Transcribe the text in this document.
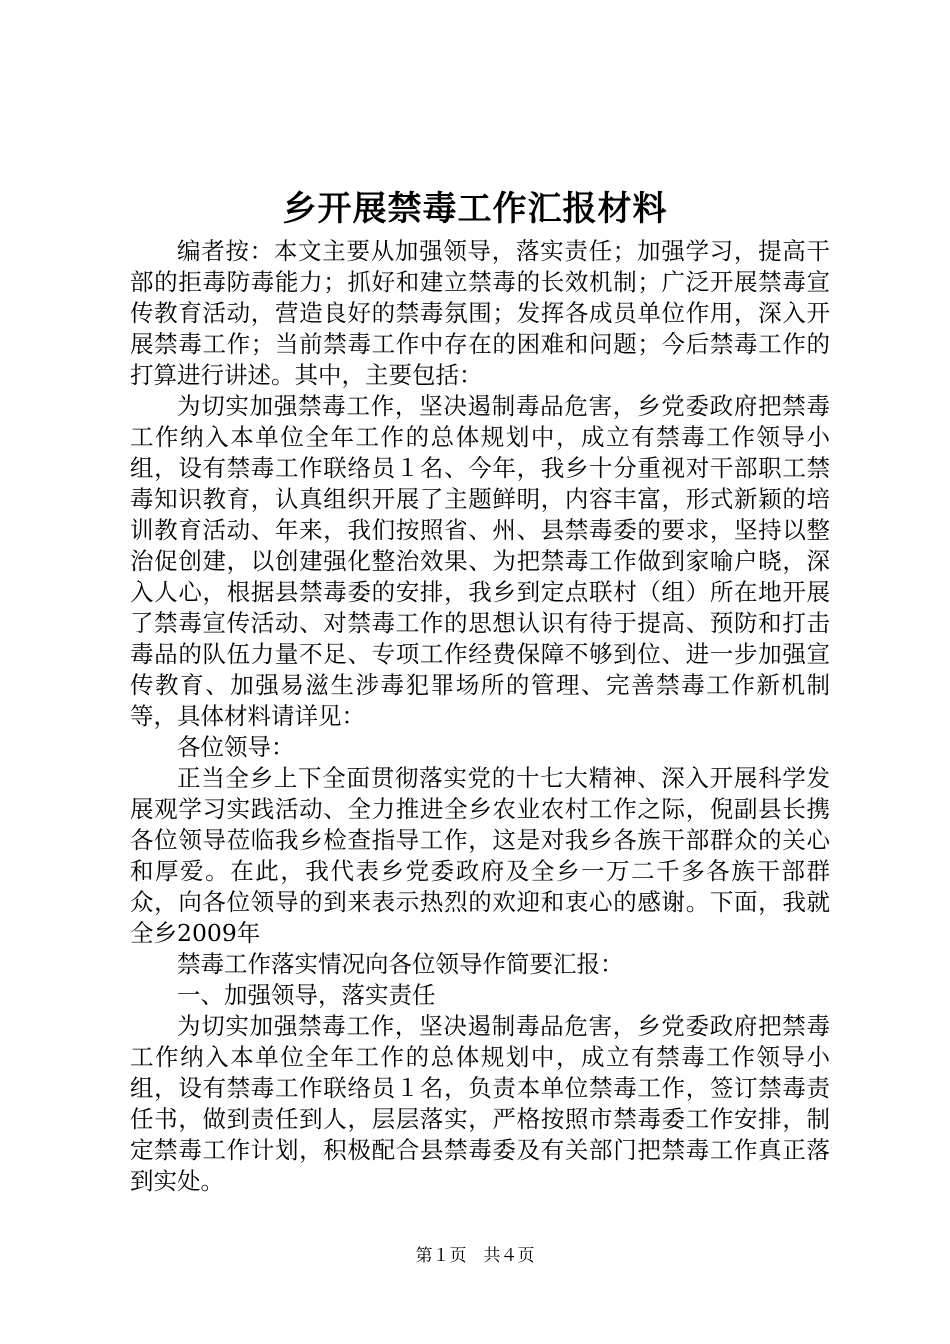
乡开展禁毒工作汇报材料

编者按：本文主要从加强领导，落实责任；加强学习，提高干部的拒毒防毒能力；抓好和建立禁毒的长效机制；广泛开展禁毒宣传教育活动，营造良好的禁毒氛围；发挥各成员单位作用，深入开展禁毒工作；当前禁毒工作中存在的困难和问题；今后禁毒工作的打算进行讲述。其中，主要包括：

为切实加强禁毒工作，坚决遏制毒品危害，乡党委政府把禁毒工作纳入本单位全年工作的总体规划中，成立有禁毒工作领导小组，设有禁毒工作联络员１名、今年，我乡十分重视对干部职工禁毒知识教育，认真组织开展了主题鲜明，内容丰富，形式新颖的培训教育活动、年来，我们按照省、州、县禁毒委的要求，坚持以整治促创建，以创建强化整治效果、为把禁毒工作做到家喻户晓，深入人心，根据县禁毒委的安排，我乡到定点联村（组）所在地开展了禁毒宣传活动、对禁毒工作的思想认识有待于提高、预防和打击毒品的队伍力量不足、专项工作经费保障不够到位、进一步加强宣传教育、加强易滋生涉毒犯罪场所的管理、完善禁毒工作新机制等，具体材料请详见：

各位领导：

正当全乡上下全面贯彻落实党的十七大精神、深入开展科学发展观学习实践活动、全力推进全乡农业农村工作之际，倪副县长携各位领导莅临我乡检查指导工作，这是对我乡各族干部群众的关心和厚爱。在此，我代表乡党委政府及全乡一万二千多各族干部群众，向各位领导的到来表示热烈的欢迎和衷心的感谢。下面，我就全乡2009年

禁毒工作落实情况向各位领导作简要汇报：

一、加强领导，落实责任

为切实加强禁毒工作，坚决遏制毒品危害，乡党委政府把禁毒工作纳入本单位全年工作的总体规划中，成立有禁毒工作领导小组，设有禁毒工作联络员１名，负责本单位禁毒工作，签订禁毒责任书，做到责任到人，层层落实，严格按照市禁毒委工作安排，制定禁毒工作计划，积极配合县禁毒委及有关部门把禁毒工作真正落到实处。

第１页　共４页
